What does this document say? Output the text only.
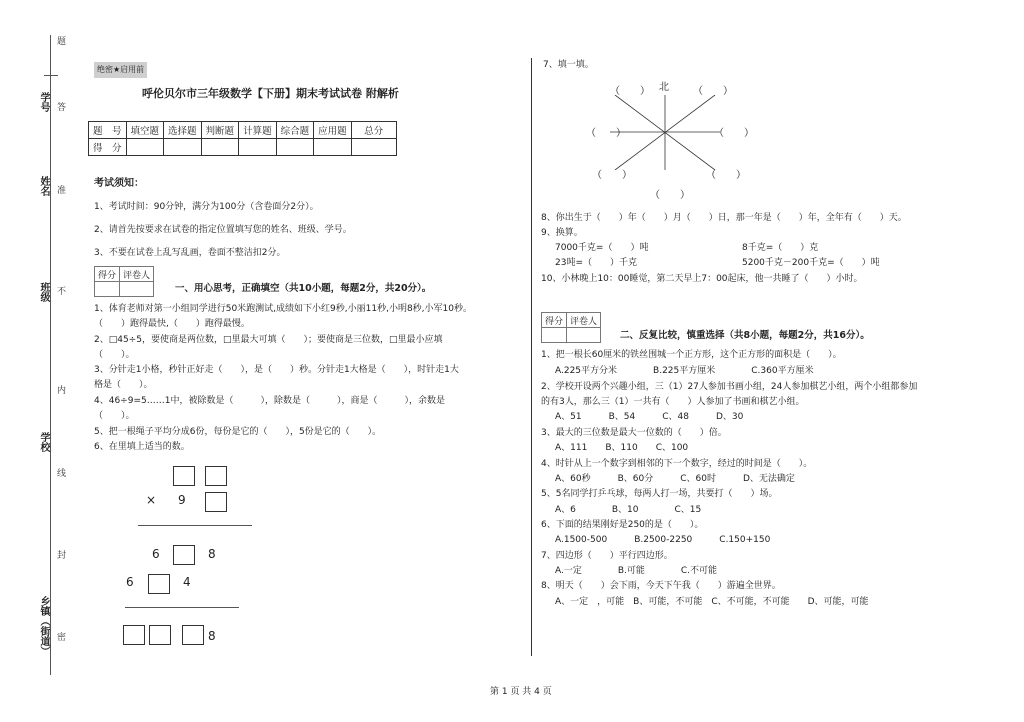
学号
姓名
班级
学校
乡镇（街道）
题
答
准
不
内
线
封
密
绝密★启用前
呼伦贝尔市三年级数学【下册】期末考试试卷 附解析
题　号	填空题	选择题	判断题	计算题	综合题	应用题	总分
得　分							
考试须知：
1、考试时间：90分钟，满分为100分（含卷面分2分）。
2、请首先按要求在试卷的指定位置填写您的姓名、班级、学号。
3、不要在试卷上乱写乱画，卷面不整洁扣2分。
得分	评卷人

一、用心思考，正确填空（共10小题，每题2分，共20分）。
1、体育老师对第一小组同学进行50米跑测试,成绩如下小红9秒,小丽11秒,小明8秒,小军10秒。
（　　）跑得最快,（　　）跑得最慢。
2、□45÷5，要使商是两位数，□里最大可填（　　）；要使商是三位数，□里最小应填
（　　）。
3、分针走1小格，秒针正好走（　　），是（　　）秒。分针走1大格是（　　），时针走1大
格是（　　）。
4、46÷9=5……1中，被除数是（　　　），除数是（　　　），商是（　　　），余数是
（　　）。
5、把一根绳子平均分成6份，每份是它的（　　），5份是它的（　　）。
6、在里填上适当的数。
× 9
6	8
6	4
8
7、填一填。
（　　） 北 （　　）
（　　）	（　　）
（　　）	（　　）
（　　）
8、你出生于（　　）年（　　）月（　　）日，那一年是（　　）年，全年有（　　）天。
9、换算。
7000千克=（　　）吨	8千克=（　　）克
23吨=（　　）千克	5200千克－200千克=（　　）吨
10、小林晚上10：00睡觉，第二天早上7：00起床，他一共睡了（　　）小时。
得分	评卷人

二、反复比较，慎重选择（共8小题，每题2分，共16分）。
1、把一根长60厘米的铁丝围城一个正方形，这个正方形的面积是（　　）。
A.225平方分米　　　　B.225平方厘米　　　　C.360平方厘米
2、学校开设两个兴趣小组，三（1）27人参加书画小组，24人参加棋艺小组，两个小组都参加
的有3人，那么三（1）一共有（　　）人参加了书画和棋艺小组。
A、51　　　B、54　　　C、48　　　D、30
3、最大的三位数是最大一位数的（　　）倍。
A、111　　B、110　　C、100
4、时针从上一个数字到相邻的下一个数字，经过的时间是（　　）。
A、60秒　　　B、60分　　　C、60时　　　D、无法确定
5、5名同学打乒乓球，每两人打一场，共要打（　　）场。
A、6　　　　B、10　　　　C、15
6、下面的结果刚好是250的是（　　）。
A.1500-500　　　B.2500-2250　　　C.150+150
7、四边形（　　）平行四边形。
A.一定　　　　B.可能　　　　C.不可能
8、明天（　　）会下雨，今天下午我（　　）游遍全世界。
A、一定　，可能　B、可能，不可能　C、不可能，不可能　　D、可能，可能
第 1 页 共 4 页
